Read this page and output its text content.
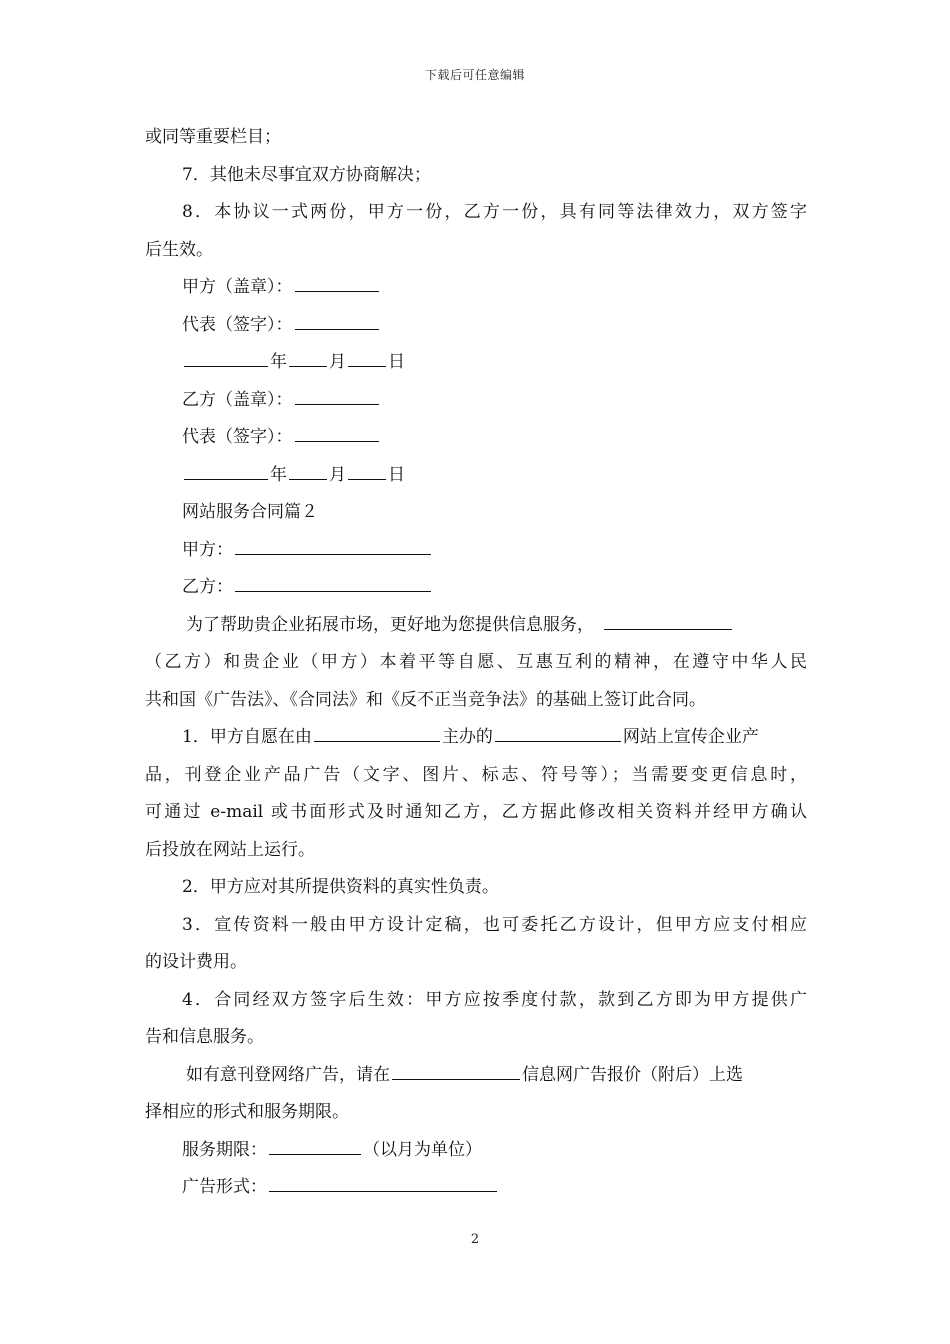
下载后可任意编辑
或同等重要栏目；
7．其他未尽事宜双方协商解决；
8．本协议一式两份，甲方一份，乙方一份，具有同等法律效力，双方签字
后生效。
甲方（盖章）：
代表（签字）：
年 月 日
乙方（盖章）：
代表（签字）：
年 月 日
网站服务合同篇２
甲方：
乙方：
为了帮助贵企业拓展市场，更好地为您提供信息服务，
（乙方）和贵企业（甲方）本着平等自愿、互惠互利的精神，在遵守中华人民
共和国《广告法》、《合同法》和《反不正当竞争法》的基础上签订此合同。
1．甲方自愿在由	主办的	网站上宣传企业产
品，刊登企业产品广告（文字、图片、标志、符号等）；当需要变更信息时，
可通过 e-mail 或书面形式及时通知乙方，乙方据此修改相关资料并经甲方确认
后投放在网站上运行。
2．甲方应对其所提供资料的真实性负责。
3．宣传资料一般由甲方设计定稿，也可委托乙方设计，但甲方应支付相应
的设计费用。
4．合同经双方签字后生效：甲方应按季度付款，款到乙方即为甲方提供广
告和信息服务。
如有意刊登网络广告，请在	信息网广告报价（附后）上选
择相应的形式和服务期限。
服务期限：	（以月为单位）
广告形式：
2
